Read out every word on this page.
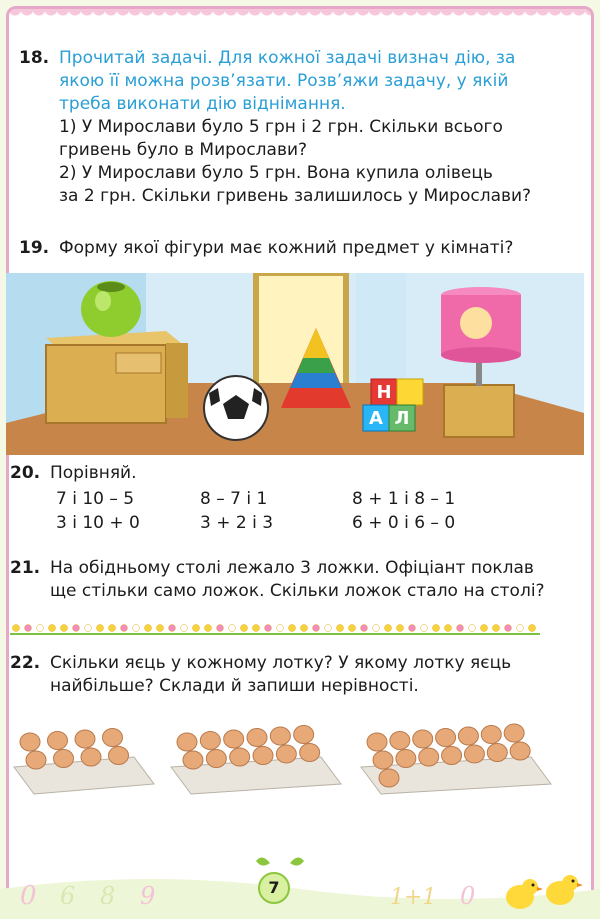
18. Прочитай задачі. Для кожної задачі визнач дію, за
якою її можна розв’язати. Розв’яжи задачу, у якій
треба виконати дію віднімання.
1) У Мирослави було 5 грн і 2 грн. Скільки всього
гривень було в Мирослави?
2) У Мирослави було 5 грн. Вона купила олівець
за 2 грн. Скільки гривень залишилось у Мирослави?
19. Форму якої фігури має кожний предмет у кімнаті?
Н
А Л
20. Порівняй.
7 і 10 – 5	8 – 7 і 1	8 + 1 і 8 – 1
3 і 10 + 0	3 + 2 і 3	6 + 0 і 6 – 0
21. На обідньому столі лежало 3 ложки. Офіціант поклав
ще стільки само ложок. Скільки ложок стало на столі?
22. Скільки яєць у кожному лотку? У якому лотку яєць
найбільше? Склади й запиши нерівності.
0 6 8 9	1+1 0
7
